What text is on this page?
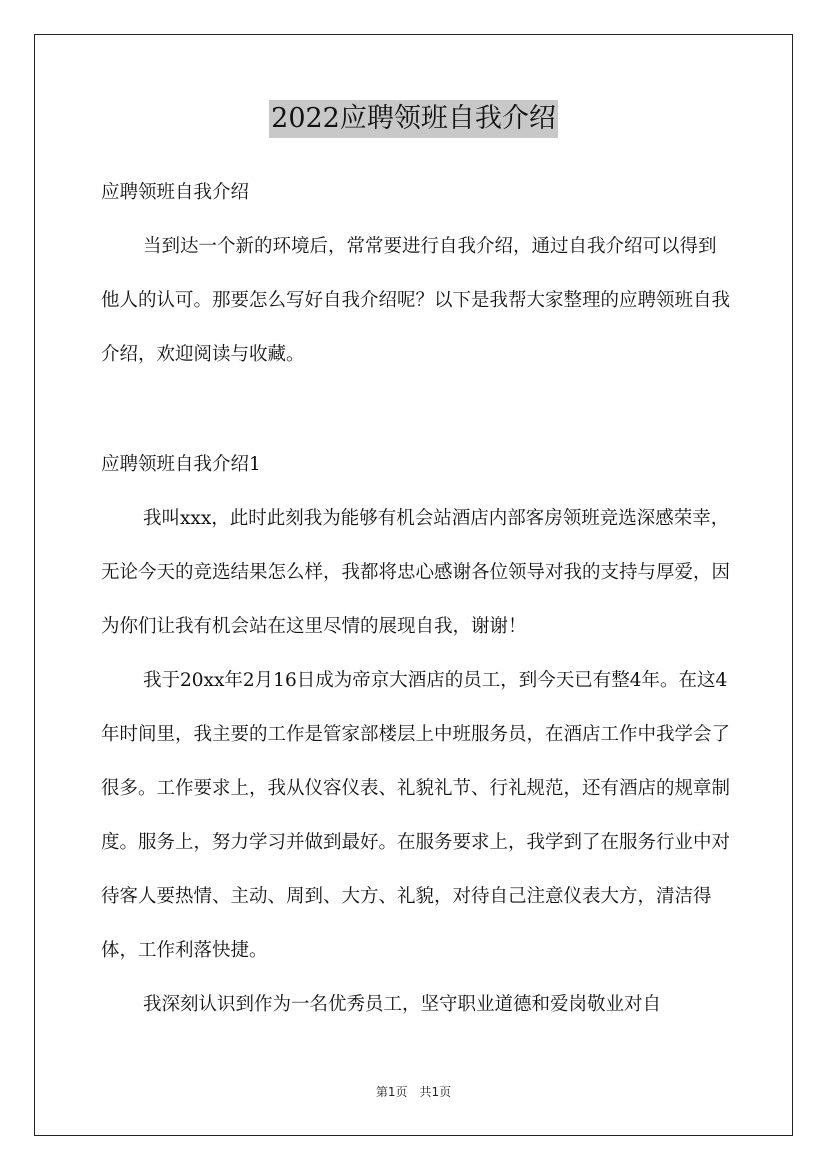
2022应聘领班自我介绍
应聘领班自我介绍
当到达一个新的环境后，常常要进行自我介绍，通过自我介绍可以得到他人的认可。那要怎么写好自我介绍呢？以下是我帮大家整理的应聘领班自我介绍，欢迎阅读与收藏。
应聘领班自我介绍1
我叫xxx，此时此刻我为能够有机会站酒店内部客房领班竞选深感荣幸，无论今天的竞选结果怎么样，我都将忠心感谢各位领导对我的支持与厚爱，因为你们让我有机会站在这里尽情的展现自我，谢谢！
我于20xx年2月16日成为帝京大酒店的员工，到今天已有整4年。在这4年时间里，我主要的工作是管家部楼层上中班服务员，在酒店工作中我学会了很多。工作要求上，我从仪容仪表、礼貌礼节、行礼规范，还有酒店的规章制度。服务上，努力学习并做到最好。在服务要求上，我学到了在服务行业中对待客人要热情、主动、周到、大方、礼貌，对待自己注意仪表大方，清洁得体，工作利落快捷。
我深刻认识到作为一名优秀员工，坚守职业道德和爱岗敬业对自
第1页　共1页
